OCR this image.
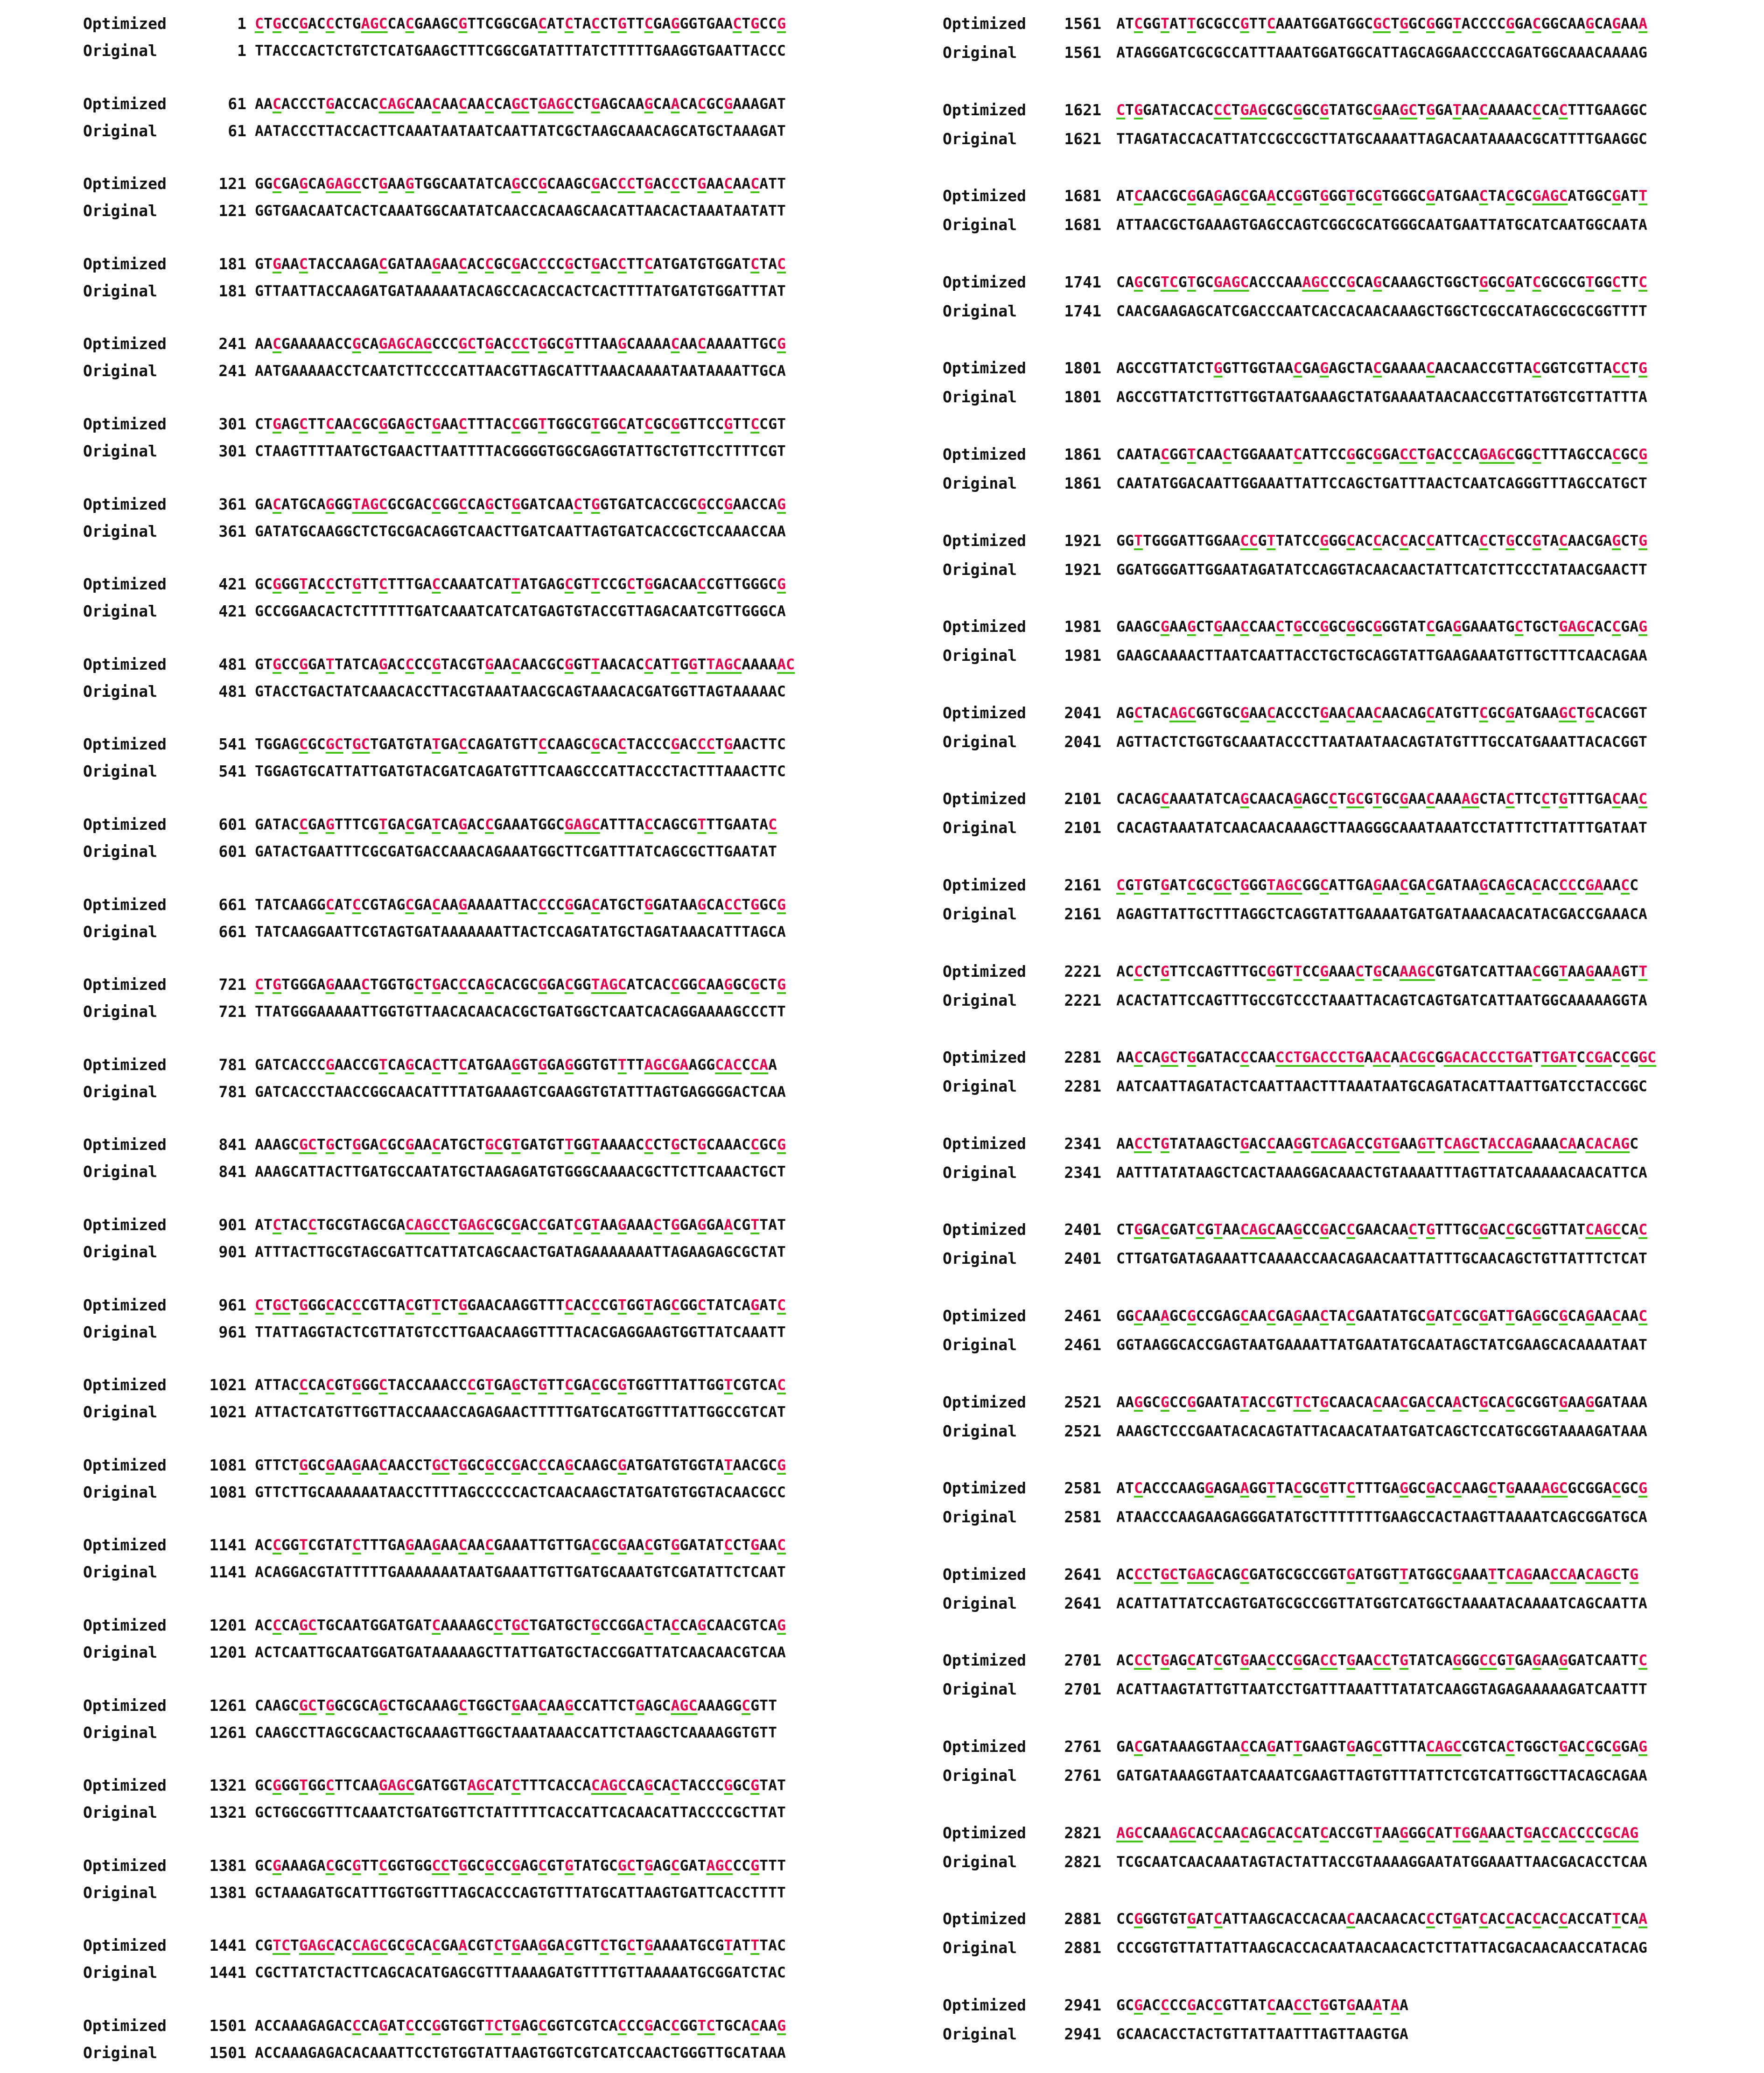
Optimized	1 CTGCCGACCCTGAGCCACGAAGCGTTCGGCGACATCTACCTGTTCGAGGGTGAACTGCCG
Original	1 TTACCCACTCTGTCTCATGAAGCTTTCGGCGATATTTATCTTTTTGAAGGTGAATTACCC
Optimized	61 AACACCCTGACCACCAGCAACAACAACCAGCTGAGCCTGAGCAAGCAACACGCGAAAGAT
Original	61 AATACCCTTACCACTTCAAATAATAATCAATTATCGCTAAGCAAACAGCATGCTAAAGAT
Optimized	121 GGCGAGCAGAGCCTGAAGTGGCAATATCAGCCGCAAGCGACCCTGACCCTGAACAACATT
Original	121 GGTGAACAATCACTCAAATGGCAATATCAACCACAAGCAACATTAACACTAAATAATATT
Optimized	181 GTGAACTACCAAGACGATAAGAACACCGCGACCCCGCTGACCTTCATGATGTGGATCTAC
Original	181 GTTAATTACCAAGATGATAAAAATACAGCCACACCACTCACTTTTATGATGTGGATTTAT
Optimized	241 AACGAAAAACCGCAGAGCAGCCCGCTGACCCTGGCGTTTAAGCAAAACAACAAAATTGCG
Original	241 AATGAAAAACCTCAATCTTCCCCATTAACGTTAGCATTTAAACAAAATAATAAAATTGCA
Optimized	301 CTGAGCTTCAACGCGGAGCTGAACTTTACCGGTTGGCGTGGCATCGCGGTTCCGTTCCGT
Original	301 CTAAGTTTTAATGCTGAACTTAATTTTACGGGGTGGCGAGGTATTGCTGTTCCTTTTCGT
Optimized	361 GACATGCAGGGTAGCGCGACCGGCCAGCTGGATCAACTGGTGATCACCGCGCCGAACCAG
Original	361 GATATGCAAGGCTCTGCGACAGGTCAACTTGATCAATTAGTGATCACCGCTCCAAACCAA
Optimized	421 GCGGGTACCCTGTTCTTTGACCAAATCATTATGAGCGTTCCGCTGGACAACCGTTGGGCG
Original	421 GCCGGAACACTCTTTTTTGATCAAATCATCATGAGTGTACCGTTAGACAATCGTTGGGCA
Optimized	481 GTGCCGGATTATCAGACCCCGTACGTGAACAACGCGGTTAACACCATTGGTTAGCAAAAAC
Original	481 GTACCTGACTATCAAACACCTTACGTAAATAACGCAGTAAACACGATGGTTAGTAAAAAC
Optimized	541 TGGAGCGCGCTGCTGATGTATGACCAGATGTTCCAAGCGCACTACCCGACCCTGAACTTC
Original	541 TGGAGTGCATTATTGATGTACGATCAGATGTTTCAAGCCCATTACCCTACTTTAAACTTC
Optimized	601 GATACCGAGTTTCGTGACGATCAGACCGAAATGGCGAGCATTTACCAGCGTTTGAATAC
Original	601 GATACTGAATTTCGCGATGACCAAACAGAAATGGCTTCGATTTATCAGCGCTTGAATAT
Optimized	661 TATCAAGGCATCCGTAGCGACAAGAAAATTACCCCGGACATGCTGGATAAGCACCTGGCG
Original	661 TATCAAGGAATTCGTAGTGATAAAAAAATTACTCCAGATATGCTAGATAAACATTTAGCA
Optimized	721 CTGTGGGAGAAACTGGTGCTGACCCAGCACGCGGACGGTAGCATCACCGGCAAGGCGCTG
Original	721 TTATGGGAAAAATTGGTGTTAACACAACACGCTGATGGCTCAATCACAGGAAAAGCCCTT
Optimized	781 GATCACCCGAACCGTCAGCACTTCATGAAGGTGGAGGGTGTTTTAGCGAAGGCACCCAA
Original	781 GATCACCCTAACCGGCAACATTTTATGAAAGTCGAAGGTGTATTTAGTGAGGGGACTCAA
Optimized	841 AAAGCGCTGCTGGACGCGAACATGCTGCGTGATGTTGGTAAAACCCTGCTGCAAACCGCG
Original	841 AAAGCATTACTTGATGCCAATATGCTAAGAGATGTGGGCAAAACGCTTCTTCAAACTGCT
Optimized	901 ATCTACCTGCGTAGCGACAGCCTGAGCGCGACCGATCGTAAGAAACTGGAGGAACGTTAT
Original	901 ATTTACTTGCGTAGCGATTCATTATCAGCAACTGATAGAAAAAAATTAGAAGAGCGCTAT
Optimized	961 CTGCTGGGCACCCGTTACGTTCTGGAACAAGGTTTCACCCGTGGTAGCGGCTATCAGATC
Original	961 TTATTAGGTACTCGTTATGTCCTTGAACAAGGTTTTACACGAGGAAGTGGTTATCAAATT
Optimized	1021 ATTACCCACGTGGGCTACCAAACCCGTGAGCTGTTCGACGCGTGGTTTATTGGTCGTCAC
Original	1021 ATTACTCATGTTGGTTACCAAACCAGAGAACTTTTTGATGCATGGTTTATTGGCCGTCAT
Optimized	1081 GTTCTGGCGAAGAACAACCTGCTGGCGCCGACCCAGCAAGCGATGATGTGGTATAACGCG
Original	1081 GTTCTTGCAAAAAATAACCTTTTAGCCCCCACTCAACAAGCTATGATGTGGTACAACGCC
Optimized	1141 ACCGGTCGTATCTTTGAGAAGAACAACGAAATTGTTGACGCGAACGTGGATATCCTGAAC
Original	1141 ACAGGACGTATTTTTGAAAAAAATAATGAAATTGTTGATGCAAATGTCGATATTCTCAAT
Optimized	1201 ACCCAGCTGCAATGGATGATCAAAAGCCTGCTGATGCTGCCGGACTACCAGCAACGTCAG
Original	1201 ACTCAATTGCAATGGATGATAAAAAGCTTATTGATGCTACCGGATTATCAACAACGTCAA
Optimized	1261 CAAGCGCTGGCGCAGCTGCAAAGCTGGCTGAACAAGCCATTCTGAGCAGCAAAGGCGTT
Original	1261 CAAGCCTTAGCGCAACTGCAAAGTTGGCTAAATAAACCATTCTAAGCTCAAAAGGTGTT
Optimized	1321 GCGGGTGGCTTCAAGAGCGATGGTAGCATCTTTCACCACAGCCAGCACTACCCGGCGTAT
Original	1321 GCTGGCGGTTTCAAATCTGATGGTTCTATTTTTCACCATTCACAACATTACCCCGCTTAT
Optimized	1381 GCGAAAGACGCGTTCGGTGGCCTGGCGCCGAGCGTGTATGCGCTGAGCGATAGCCCGTTT
Original	1381 GCTAAAGATGCATTTGGTGGTTTAGCACCCAGTGTTTATGCATTAAGTGATTCACCTTTT
Optimized	1441 CGTCTGAGCACCAGCGCGCACGAACGTCTGAAGGACGTTCTGCTGAAAATGCGTATTTAC
Original	1441 CGCTTATCTACTTCAGCACATGAGCGTTTAAAAGATGTTTTGTTAAAAATGCGGATCTAC
Optimized	1501 ACCAAAGAGACCCAGATCCCGGTGGTTCTGAGCGGTCGTCACCCGACCGGTCTGCACAAG
Original	1501 ACCAAAGAGACACAAATTCCTGTGGTATTAAGTGGTCGTCATCCAACTGGGTTGCATAAA
Optimized	1561 ATCGGTATTGCGCCGTTCAAATGGATGGCGCTGGCGGGTACCCCGGACGGCAAGCAGAAA
Original	1561 ATAGGGATCGCGCCATTTAAATGGATGGCATTAGCAGGAACCCCAGATGGCAAACAAAAG
Optimized	1621 CTGGATACCACCCTGAGCGCGGCGTATGCGAAGCTGGATAACAAAACCCACTTTGAAGGC
Original	1621 TTAGATACCACATTATCCGCCGCTTATGCAAAATTAGACAATAAAACGCATTTTGAAGGC
Optimized	1681 ATCAACGCGGAGAGCGAACCGGTGGGTGCGTGGGCGATGAACTACGCGAGCATGGCGATT
Original	1681 ATTAACGCTGAAAGTGAGCCAGTCGGCGCATGGGCAATGAATTATGCATCAATGGCAATA
Optimized	1741 CAGCGTCGTGCGAGCACCCAAAGCCCGCAGCAAAGCTGGCTGGCGATCGCGCGTGGCTTC
Original	1741 CAACGAAGAGCATCGACCCAATCACCACAACAAAGCTGGCTCGCCATAGCGCGCGGTTTT
Optimized	1801 AGCCGTTATCTGGTTGGTAACGAGAGCTACGAAAACAACAACCGTTACGGTCGTTACCTG
Original	1801 AGCCGTTATCTTGTTGGTAATGAAAGCTATGAAAATAACAACCGTTATGGTCGTTATTTA
Optimized	1861 CAATACGGTCAACTGGAAATCATTCCGGCGGACCTGACCCAGAGCGGCTTTAGCCACGCG
Original	1861 CAATATGGACAATTGGAAATTATTCCAGCTGATTTAACTCAATCAGGGTTTAGCCATGCT
Optimized	1921 GGTTGGGATTGGAACCGTTATCCGGGCACCACCACCATTCACCTGCCGTACAACGAGCTG
Original	1921 GGATGGGATTGGAATAGATATCCAGGTACAACAACTATTCATCTTCCCTATAACGAACTT
Optimized	1981 GAAGCGAAGCTGAACCAACTGCCGGCGGCGGGTATCGAGGAAATGCTGCTGAGCACCGAG
Original	1981 GAAGCAAAACTTAATCAATTACCTGCTGCAGGTATTGAAGAAATGTTGCTTTCAACAGAA
Optimized	2041 AGCTACAGCGGTGCGAACACCCTGAACAACAACAGCATGTTCGCGATGAAGCTGCACGGT
Original	2041 AGTTACTCTGGTGCAAATACCCTTAATAATAACAGTATGTTTGCCATGAAATTACACGGT
Optimized	2101 CACAGCAAATATCAGCAACAGAGCCTGCGTGCGAACAAAAGCTACTTCCTGTTTGACAAC
Original	2101 CACAGTAAATATCAACAACAAAGCTTAAGGGCAAATAAATCCTATTTCTTATTTGATAAT
Optimized	2161 CGTGTGATCGCGCTGGGTAGCGGCATTGAGAACGACGATAAGCAGCACACCCCGAAACC
Original	2161 AGAGTTATTGCTTTAGGCTCAGGTATTGAAAATGATGATAAACAACATACGACCGAAACA
Optimized	2221 ACCCTGTTCCAGTTTGCGGTTCCGAAACTGCAAAGCGTGATCATTAACGGTAAGAAAGTT
Original	2221 ACACTATTCCAGTTTGCCGTCCCTAAATTACAGTCAGTGATCATTAATGGCAAAAAGGTA
Optimized	2281 AACCAGCTGGATACCCAACCTGACCCTGAACAACGCGGACACCCTGATTGATCCGACCGGC
Original	2281 AATCAATTAGATACTCAATTAACTTTAAATAATGCAGATACATTAATTGATCCTACCGGC
Optimized	2341 AACCTGTATAAGCTGACCAAGGTCAGACCGTGAAGTTCAGCTACCAGAAACAACACAGC
Original	2341 AATTTATATAAGCTCACTAAAGGACAAACTGTAAAATTTAGTTATCAAAAACAACATTCA
Optimized	2401 CTGGACGATCGTAACAGCAAGCCGACCGAACAACTGTTTGCGACCGCGGTTATCAGCCAC
Original	2401 CTTGATGATAGAAATTCAAAACCAACAGAACAATTATTTGCAACAGCTGTTATTTCTCAT
Optimized	2461 GGCAAAGCGCCGAGCAACGAGAACTACGAATATGCGATCGCGATTGAGGCGCAGAACAAC
Original	2461 GGTAAGGCACCGAGTAATGAAAATTATGAATATGCAATAGCTATCGAAGCACAAAATAAT
Optimized	2521 AAGGCGCCGGAATATACCGTTCTGCAACACAACGACCAACTGCACGCGGTGAAGGATAAA
Original	2521 AAAGCTCCCGAATACACAGTATTACAACATAATGATCAGCTCCATGCGGTAAAAGATAAA
Optimized	2581 ATCACCCAAGGAGAAGGTTACGCGTTCTTTGAGGCGACCAAGCTGAAAAGCGCGGACGCG
Original	2581 ATAACCCAAGAAGAGGGATATGCTTTTTTTGAAGCCACTAAGTTAAAATCAGCGGATGCA
Optimized	2641 ACCCTGCTGAGCAGCGATGCGCCGGTGATGGTTATGGCGAAATTCAGAACCAACAGCTG
Original	2641 ACATTATTATCCAGTGATGCGCCGGTTATGGTCATGGCTAAAATACAAAATCAGCAATTA
Optimized	2701 ACCCTGAGCATCGTGAACCCGGACCTGAACCTGTATCAGGGCCGTGAGAAGGATCAATTC
Original	2701 ACATTAAGTATTGTTAATCCTGATTTAAATTTATATCAAGGTAGAGAAAAAGATCAATTT
Optimized	2761 GACGATAAAGGTAACCAGATTGAAGTGAGCGTTTACAGCCGTCACTGGCTGACCGCGGAG
Original	2761 GATGATAAAGGTAATCAAATCGAAGTTAGTGTTTATTCTCGTCATTGGCTTACAGCAGAA
Optimized	2821 AGCCAAAGCACCAACAGCACCATCACCGTTAAGGGCATTGGAAACTGACCACCCCGCAG
Original	2821 TCGCAATCAACAAATAGTACTATTACCGTAAAAGGAATATGGAAATTAACGACACCTCAA
Optimized	2881 CCGGGTGTGATCATTAAGCACCACAACAACAACACCCTGATCACCACCACCACCATTCAA
Original	2881 CCCGGTGTTATTATTAAGCACCACAATAACAACACTCTTATTACGACAACAACCATACAG
Optimized	2941 GCGACCCCGACCGTTATCAACCTGGTGAAATAA
Original	2941 GCAACACCTACTGTTATTAATTTAGTTAAGTGA
